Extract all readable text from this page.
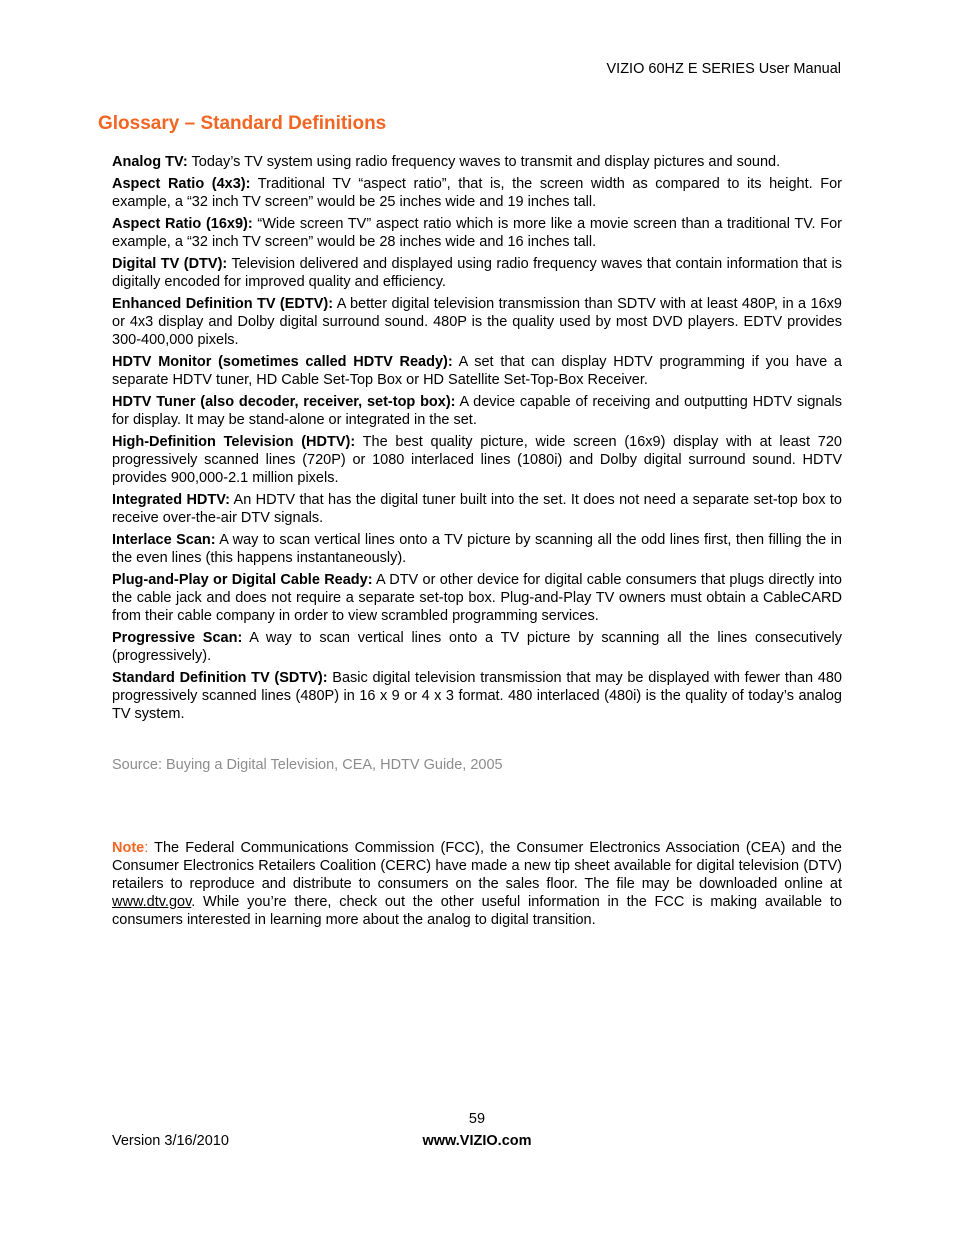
VIZIO 60HZ E SERIES User Manual
Glossary – Standard Definitions

Analog TV: Today’s TV system using radio frequency waves to transmit and display pictures and sound.

Aspect Ratio (4x3): Traditional TV “aspect ratio”, that is, the screen width as compared to its height. For example, a “32 inch TV screen” would be 25 inches wide and 19 inches tall.

Aspect Ratio (16x9): “Wide screen TV” aspect ratio which is more like a movie screen than a traditional TV. For example, a “32 inch TV screen” would be 28 inches wide and 16 inches tall.

Digital TV (DTV): Television delivered and displayed using radio frequency waves that contain information that is digitally encoded for improved quality and efficiency.

Enhanced Definition TV (EDTV): A better digital television transmission than SDTV with at least 480P, in a 16x9 or 4x3 display and Dolby digital surround sound. 480P is the quality used by most DVD players. EDTV provides 300-400,000 pixels.

HDTV Monitor (sometimes called HDTV Ready): A set that can display HDTV programming if you have a separate HDTV tuner, HD Cable Set-Top Box or HD Satellite Set-Top-Box Receiver.

HDTV Tuner (also decoder, receiver, set-top box): A device capable of receiving and outputting HDTV signals for display. It may be stand-alone or integrated in the set.

High-Definition Television (HDTV): The best quality picture, wide screen (16x9) display with at least 720 progressively scanned lines (720P) or 1080 interlaced lines (1080i) and Dolby digital surround sound. HDTV provides 900,000-2.1 million pixels.

Integrated HDTV: An HDTV that has the digital tuner built into the set. It does not need a separate set-top box to receive over-the-air DTV signals.

Interlace Scan: A way to scan vertical lines onto a TV picture by scanning all the odd lines first, then filling the in the even lines (this happens instantaneously).

Plug-and-Play or Digital Cable Ready: A DTV or other device for digital cable consumers that plugs directly into the cable jack and does not require a separate set-top box. Plug-and-Play TV owners must obtain a CableCARD from their cable company in order to view scrambled programming services.

Progressive Scan: A way to scan vertical lines onto a TV picture by scanning all the lines consecutively (progressively).

Standard Definition TV (SDTV): Basic digital television transmission that may be displayed with fewer than 480 progressively scanned lines (480P) in 16 x 9 or 4 x 3 format. 480 interlaced (480i) is the quality of today’s analog TV system.

Source: Buying a Digital Television, CEA, HDTV Guide, 2005

Note: The Federal Communications Commission (FCC), the Consumer Electronics Association (CEA) and the Consumer Electronics Retailers Coalition (CERC) have made a new tip sheet available for digital television (DTV) retailers to reproduce and distribute to consumers on the sales floor. The file may be downloaded online at www.dtv.gov. While you’re there, check out the other useful information in the FCC is making available to consumers interested in learning more about the analog to digital transition.

59
Version 3/16/2010	www.VIZIO.com
